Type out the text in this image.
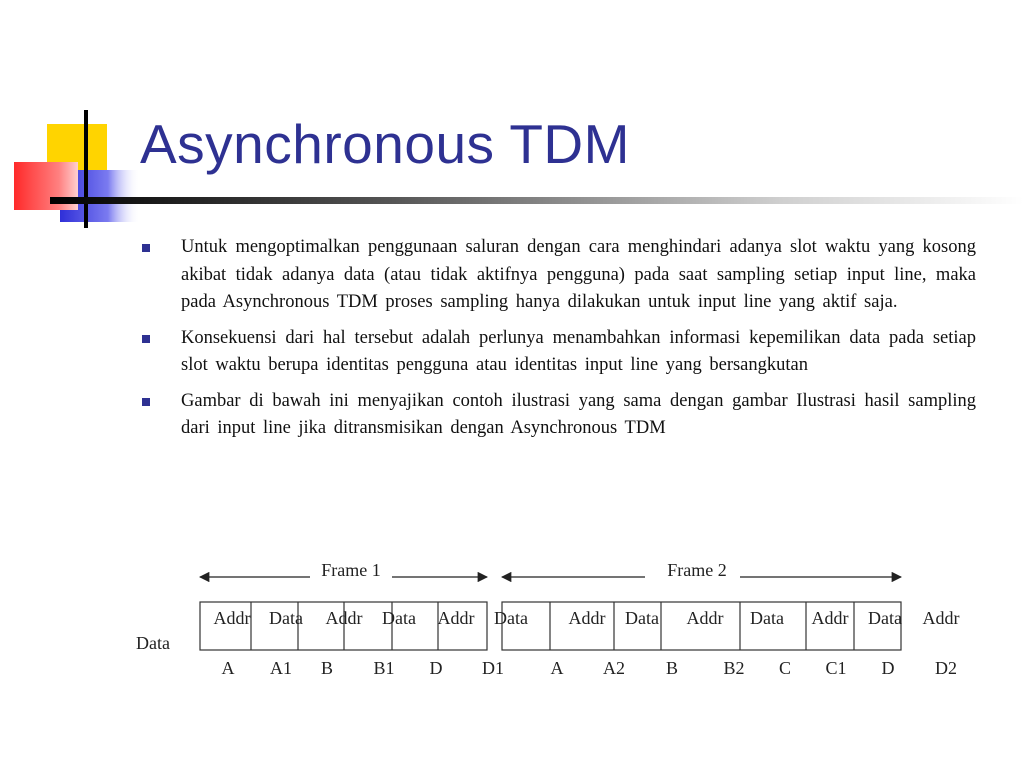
Asynchronous TDM
Untuk mengoptimalkan penggunaan saluran dengan cara menghindari adanya slot waktu yang kosong akibat tidak adanya data (atau tidak aktifnya pengguna) pada saat sampling setiap input line, maka pada Asynchronous TDM proses sampling hanya dilakukan untuk input line yang aktif saja.
Konsekuensi dari hal tersebut adalah perlunya menambahkan informasi kepemilikan data pada setiap slot waktu berupa identitas pengguna atau identitas input line yang bersangkutan
Gambar di bawah ini menyajikan contoh ilustrasi yang sama dengan gambar Ilustrasi hasil sampling dari input line jika ditransmisikan dengan Asynchronous TDM
Frame 1	Frame 2
Data
Addr Data Addr Data Addr Data
A A1 B B1 D D1
Addr Data Addr Data Addr Data Addr
A A2 B	B2 C C1 D D2
